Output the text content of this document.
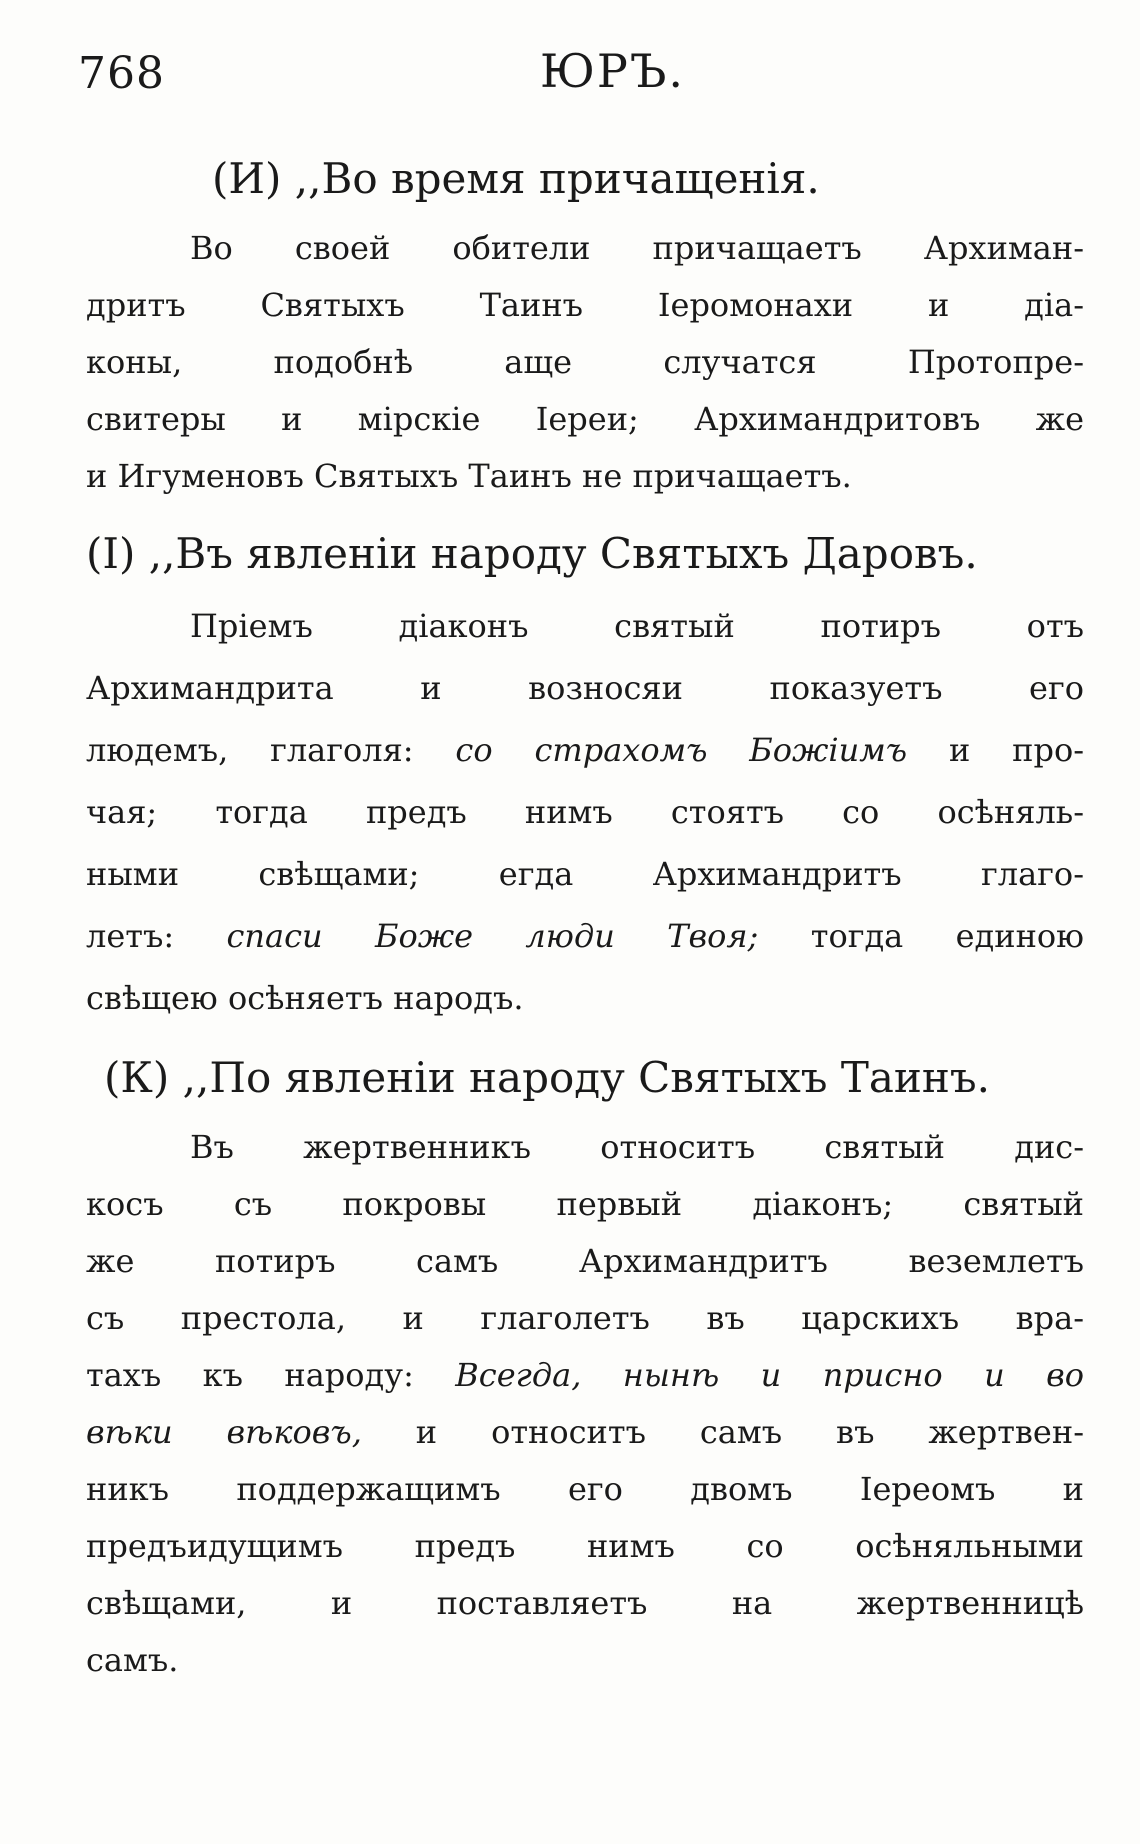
768	ЮРЪ.
(И) ,,Во время причащенія.
Во своей обители причащаетъ Архиман-
дритъ Святыхъ Таинъ Іеромонахи и діа-
коны, подобнѣ аще случатся Протопре-
свитеры и мірскіе Іереи; Архимандритовъ же
и Игуменовъ Святыхъ Таинъ не причащаетъ.
(І) ,,Въ явленіи народу Святыхъ Даровъ.
Пріемъ діаконъ святый потиръ отъ
Архимандрита и возносяи показуетъ его
людемъ, глаголя: со страхомъ Божіимъ и про-
чая; тогда предъ нимъ стоятъ со осѣняль-
ными свѣщами; егда Архимандритъ глаго-
летъ: спаси Боже люди Твоя; тогда единою
свѣщею осѣняетъ народъ.
(К) ,,По явленіи народу Святыхъ Таинъ.
Въ жертвенникъ относитъ святый дис-
косъ съ покровы первый діаконъ; святый
же потиръ самъ Архимандритъ веземлетъ
съ престола, и глаголетъ въ царскихъ вра-
тахъ къ народу: Всегда, нынѣ и присно и во
вѣки вѣковъ, и относитъ самъ въ жертвен-
никъ поддержащимъ его двомъ Іереомъ и
предъидущимъ предъ нимъ со осѣняльными
свѣщами, и поставляетъ на жертвенницѣ
самъ.
